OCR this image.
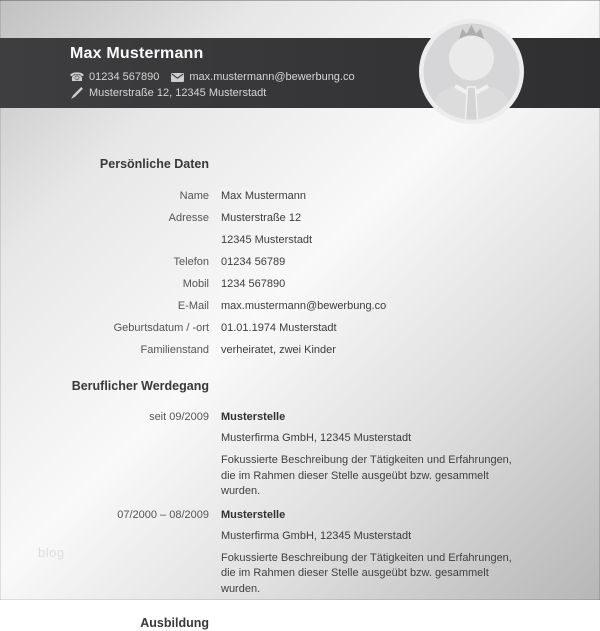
Max Mustermann
☎ 01234 567890	max.mustermann@bewerbung.co
Musterstraße 12, 12345 Musterstadt
Persönliche Daten
Name Max Mustermann
Adresse Musterstraße 12
12345 Musterstadt
Telefon 01234 56789
Mobil 1234 567890
E-Mail max.mustermann@bewerbung.co
Geburtsdatum / -ort 01.01.1974 Musterstadt
Familienstand verheiratet, zwei Kinder
Beruflicher Werdegang
seit 09/2009 Musterstelle

Musterfirma GmbH, 12345 Musterstadt

Fokussierte Beschreibung der Tätigkeiten und Erfahrungen, die im Rahmen dieser Stelle ausgeübt bzw. gesammelt wurden.

07/2000 – 08/2009 Musterstelle

Musterfirma GmbH, 12345 Musterstadt

Fokussierte Beschreibung der Tätigkeiten und Erfahrungen, die im Rahmen dieser Stelle ausgeübt bzw. gesammelt wurden.

Ausbildung
blog
